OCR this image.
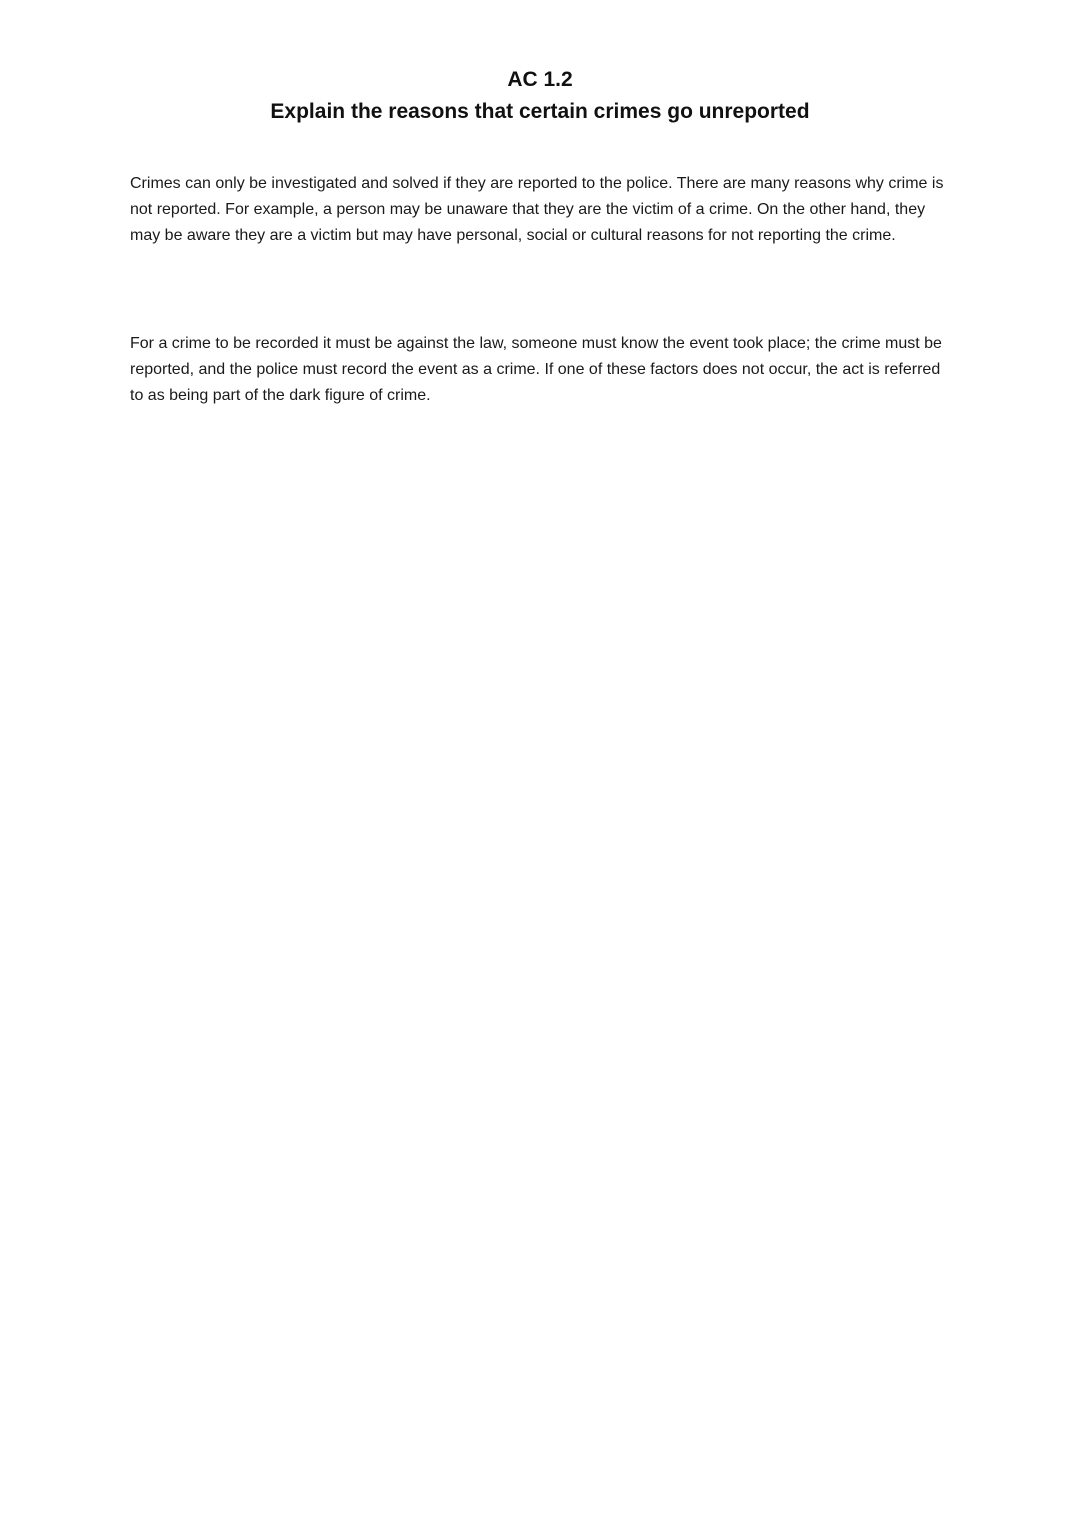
AC 1.2
Explain the reasons that certain crimes go unreported

Crimes can only be investigated and solved if they are reported to the police. There are many reasons why crime is not reported. For example, a person may be unaware that they are the victim of a crime. On the other hand, they may be aware they are a victim but may have personal, social or cultural reasons for not reporting the crime.

For a crime to be recorded it must be against the law, someone must know the event took place; the crime must be reported, and the police must record the event as a crime. If one of these factors does not occur, the act is referred to as being part of the dark figure of crime.
